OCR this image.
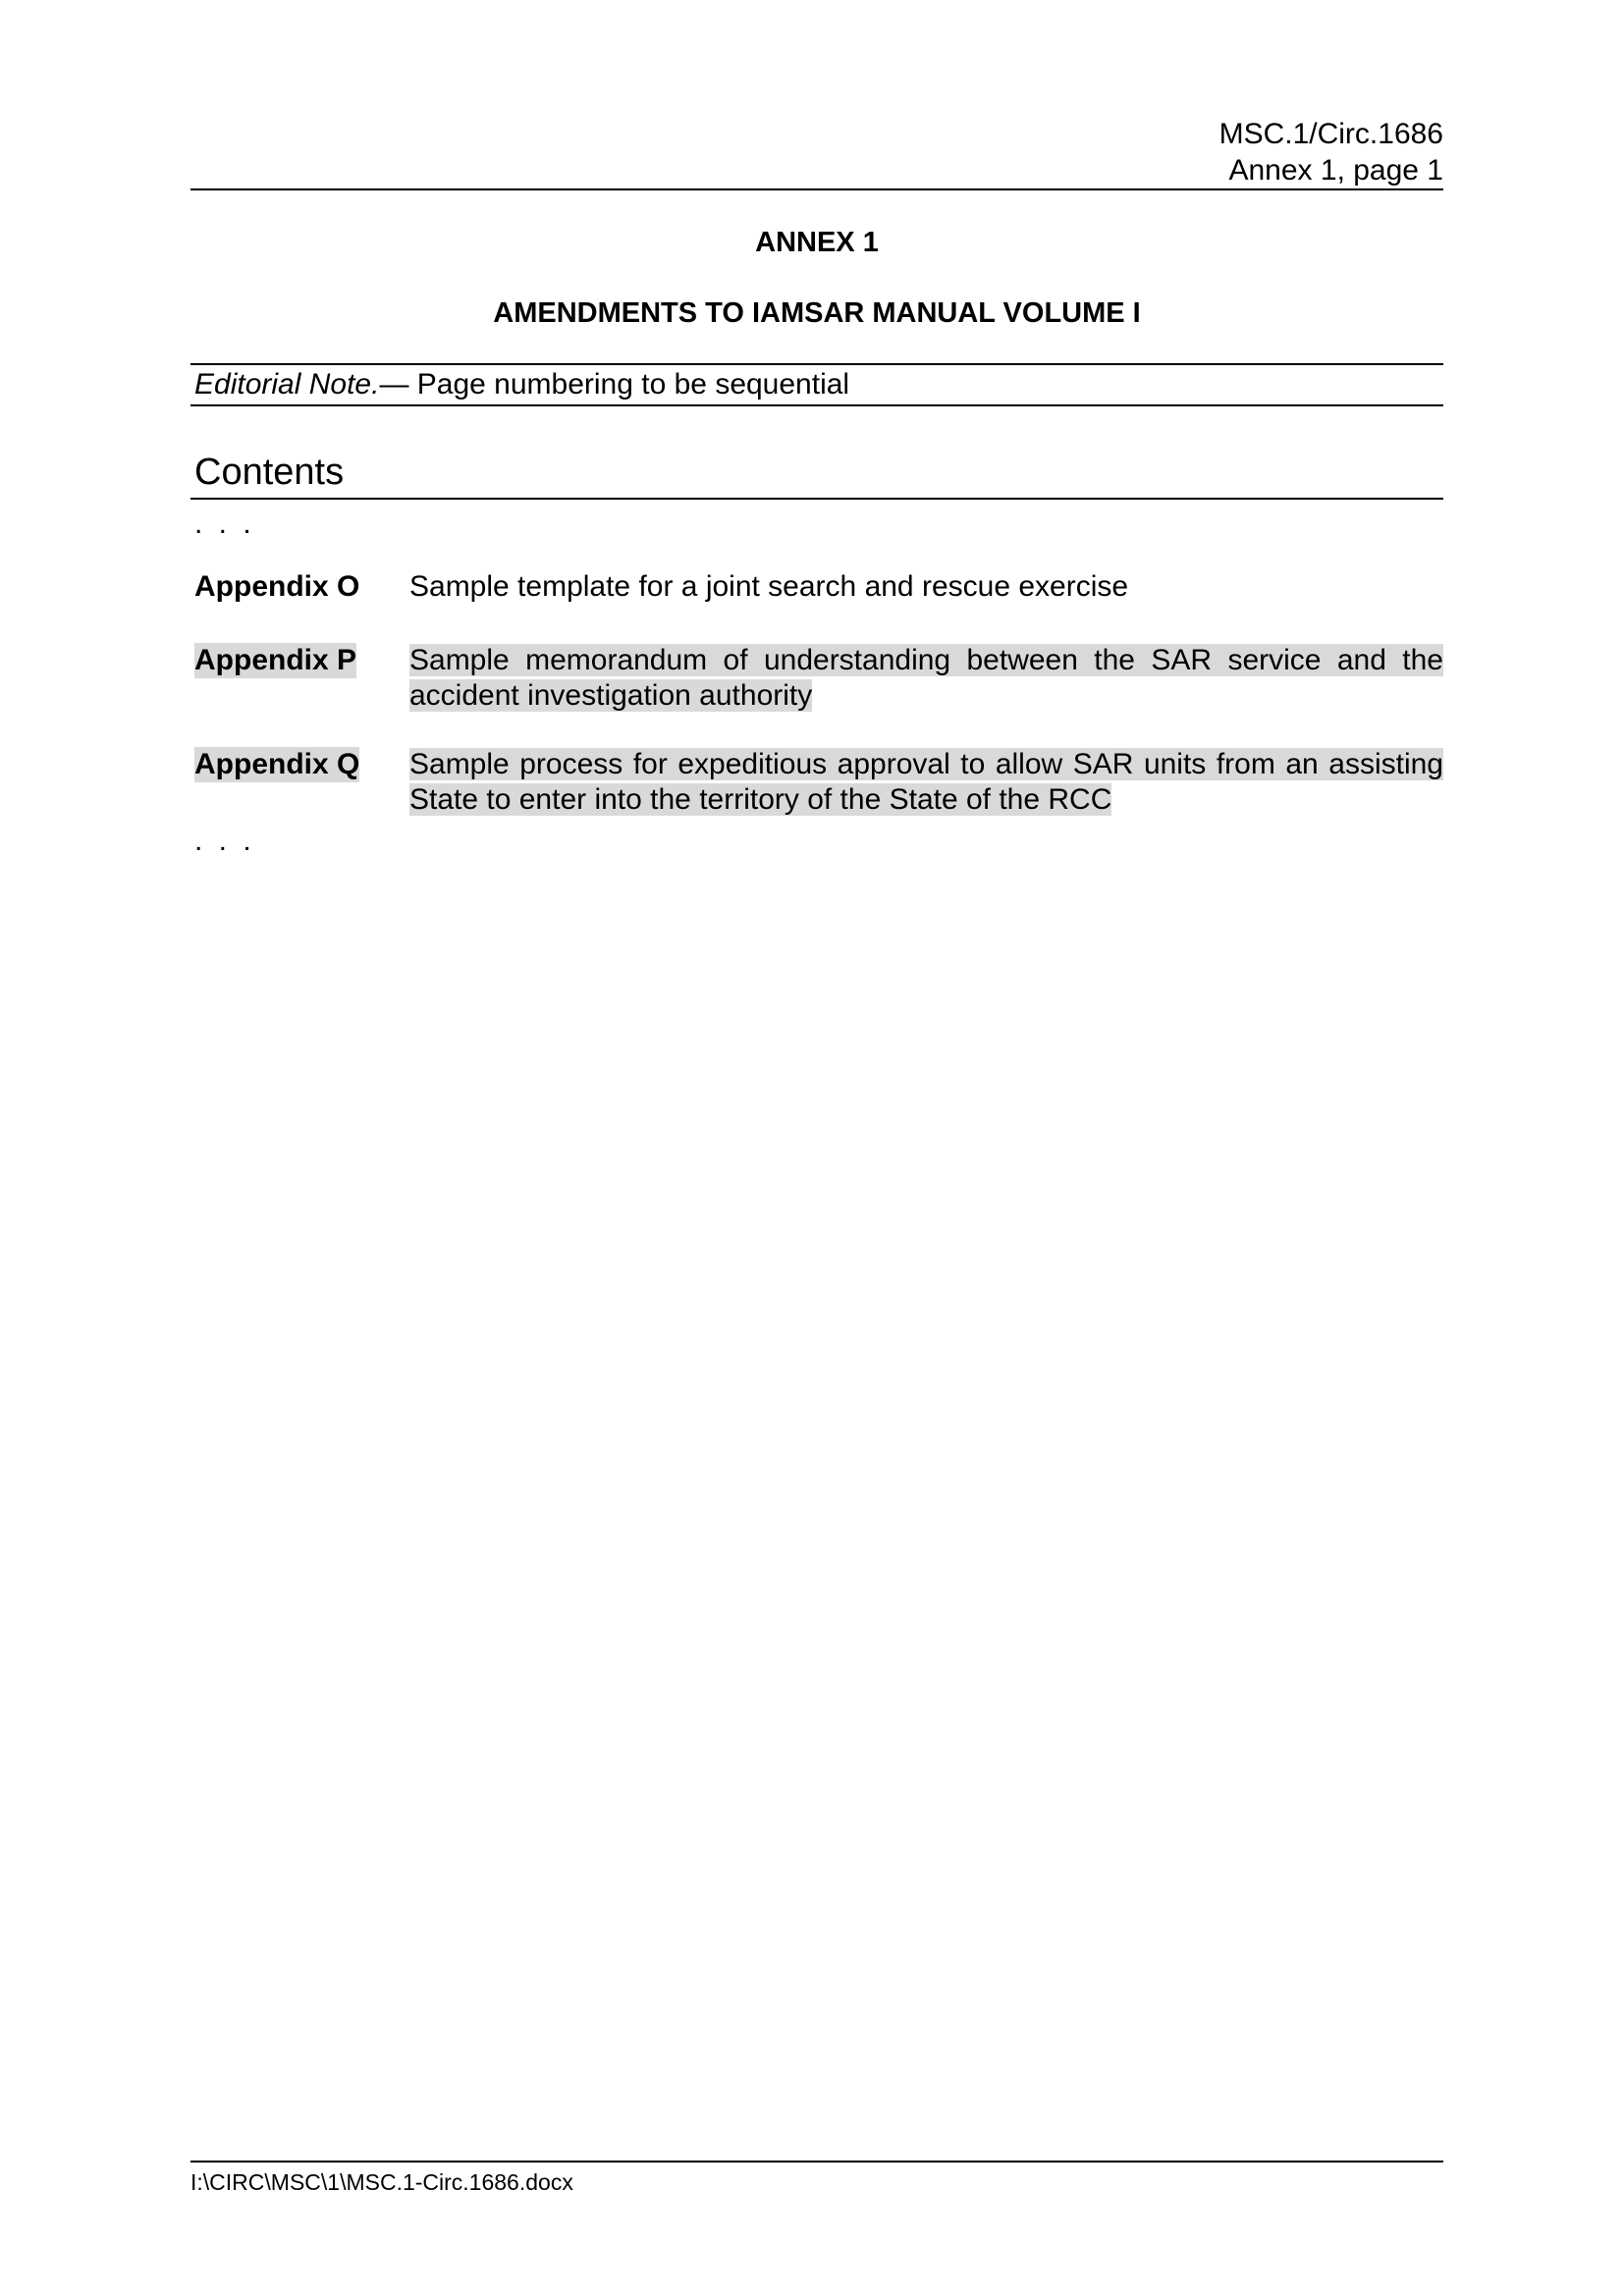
MSC.1/Circ.1686
Annex 1, page 1
ANNEX 1
AMENDMENTS TO IAMSAR MANUAL VOLUME I
Editorial Note.— Page numbering to be sequential
Contents
. . .
Appendix O Sample template for a joint search and rescue exercise
Appendix P Sample memorandum of understanding between the SAR service and the accident investigation authority
Appendix Q Sample process for expeditious approval to allow SAR units from an assisting State to enter into the territory of the State of the RCC
. . .
I:\CIRC\MSC\1\MSC.1-Circ.1686.docx
